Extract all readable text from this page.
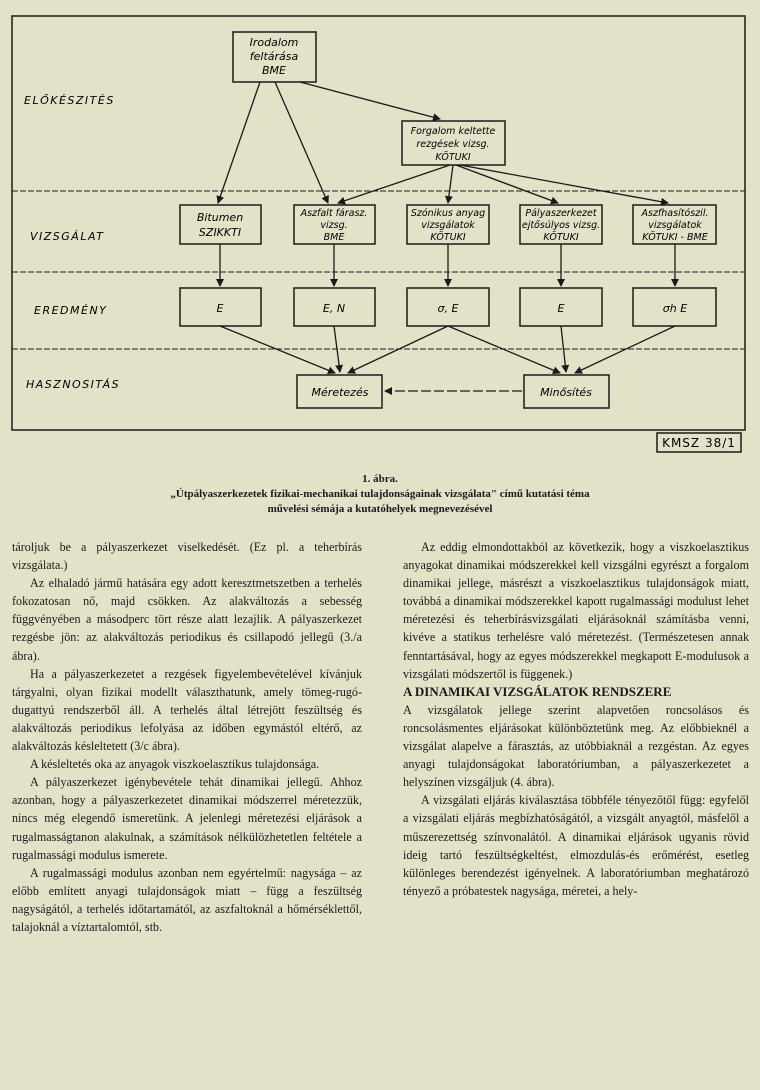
ELŐKÉSZITÉS
VIZSGÁLAT
EREDMÉNY
HASZNOSITÁS
Irodalom
feltárása
BME
Forgalom keltette
rezgések vizsg.
KÖTUKI
Bitumen
SZIKKTI
Aszfalt fárasz.
vizsg.
BME
Szónikus anyag
vizsgálatok
KÖTUKI
Pályaszerkezet
ejtősúlyos vizsg.
KÖTUKI
Aszfhasítószil.
vizsgálatok
KÖTUKI - BME
E	E, N	σ, E	E	σh E
Méretezés	Minősítés
KMSZ 38/1
1. ábra.
„Útpályaszerkezetek fizikai-mechanikai tulajdonságainak vizsgálata" című kutatási téma
művelési sémája a kutatóhelyek megnevezésével

tároljuk be a pályaszerkezet viselkedését. (Ez pl. a teherbírás vizsgálata.)

Az elhaladó jármű hatására egy adott keresztmetszetben a terhelés fokozatosan nő, majd csökken. Az alakváltozás a sebesség függvényében a másodperc tört része alatt lezajlik. A pályaszerkezet rezgésbe jön: az alakváltozás periodikus és csillapodó jellegű (3./a ábra).

Ha a pályaszerkezetet a rezgések figyelembevételével kívánjuk tárgyalni, olyan fizikai modellt választhatunk, amely tömeg-rugó-dugattyú rendszerből áll. A terhelés által létrejött feszültség és alakváltozás periodikus lefolyása az időben egymástól eltérő, az alakváltozás késleltetett (3/c ábra).

A késleltetés oka az anyagok viszkoelasztikus tulajdonsága.

A pályaszerkezet igénybevétele tehát dinamikai jellegű. Ahhoz azonban, hogy a pályaszerkezetet dinamikai módszerrel méretezzük, nincs még elegendő ismeretünk. A jelenlegi méretezési eljárások a rugalmasságtanon alakulnak, a számítások nélkülözhetetlen feltétele a rugalmassági modulus ismerete.

A rugalmassági modulus azonban nem egyértelmű: nagysága – az előbb említett anyagi tulajdonságok miatt – függ a feszültség nagyságától, a terhelés időtartamától, az aszfaltoknál a hőmérséklettől, talajoknál a víztartalomtól, stb.

Az eddig elmondottakból az következik, hogy a viszkoelasztikus anyagokat dinamikai módszerekkel kell vizsgálni egyrészt a forgalom dinamikai jellege, másrészt a viszkoelasztikus tulajdonságok miatt, továbbá a dinamikai módszerekkel kapott rugalmassági modulust lehet méretezési és teherbírásvizsgálati eljárásoknál számításba venni, kivéve a statikus terhelésre való méretezést. (Természetesen annak fenntartásával, hogy az egyes módszerekkel megkapott E-modulusok a vizsgálati módszertől is függenek.)

A DINAMIKAI VIZSGÁLATOK RENDSZERE

A vizsgálatok jellege szerint alapvetően roncsolásos és roncsolásmentes eljárásokat különböztetünk meg. Az előbbieknél a vizsgálat alapelve a fárasztás, az utóbbiaknál a rezgéstan. Az egyes anyagi tulajdonságokat laboratóriumban, a pályaszerkezetet a helyszínen vizsgáljuk (4. ábra).

A vizsgálati eljárás kiválasztása többféle tényezőtől függ: egyfelől a vizsgálati eljárás megbízhatóságától, a vizsgált anyagtól, másfelől a műszerezettség színvonalától. A dinamikai eljárások ugyanis rövid ideig tartó feszültségkeltést, elmozdulás-és erőmérést, esetleg különleges berendezést igényelnek. A laboratóriumban meghatározó tényező a próbatestek nagysága, méretei, a hely-
